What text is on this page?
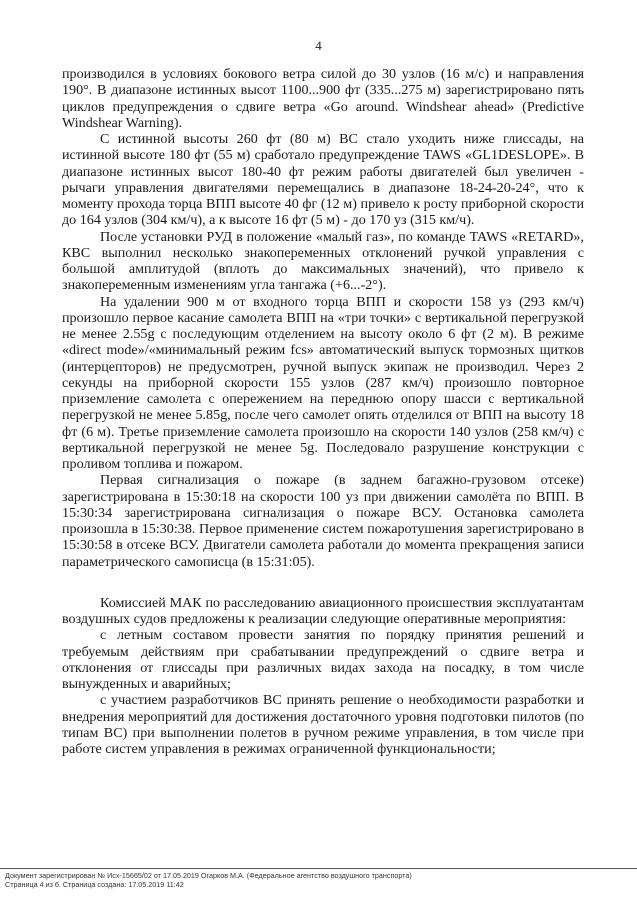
4

производился в условиях бокового ветра силой до 30 узлов (16 м/с) и направления 190°. В диапазоне истинных высот 1100...900 фт (335...275 м) зарегистрировано пять циклов предупреждения о сдвиге ветра «Go around. Windshear ahead» (Predictive Windshear Warning).

С истинной высоты 260 фт (80 м) ВС стало уходить ниже глиссады, на истинной высоте 180 фт (55 м) сработало предупреждение TAWS «GL1DESLOPE». В диапазоне истинных высот 180-40 фт режим работы двигателей был увеличен - рычаги управления двигателями перемещались в диапазоне 18-24-20-24°, что к моменту прохода торца ВПП высоте 40 фг (12 м) привело к росту приборной скорости до 164 узлов (304 км/ч), а к высоте 16 фт (5 м) - до 170 уз (315 км/ч).

После установки РУД в положение «малый газ», по команде TAWS «RETARD», КВС выполнил несколько знакопеременных отклонений ручкой управления с большой амплитудой (вплоть до максимальных значений), что привело к знакопеременным изменениям угла тангажа (+6...-2°).

На удалении 900 м от входного торца ВПП и скорости 158 уз (293 км/ч) произошло первое касание самолета ВПП на «три точки» с вертикальной перегрузкой не менее 2.55g с последующим отделением на высоту около 6 фт (2 м). В режиме «direct mode»/«минимальный режим fcs» автоматический выпуск тормозных щитков (интерцепторов) не предусмотрен, ручной выпуск экипаж не производил. Через 2 секунды на приборной скорости 155 узлов (287 км/ч) произошло повторное приземление самолета с опережением на переднюю опору шасси с вертикальной перегрузкой не менее 5.85g, после чего самолет опять отделился от ВПП на высоту 18 фт (6 м). Третье приземление самолета произошло на скорости 140 узлов (258 км/ч) с вертикальной перегрузкой не менее 5g. Последовало разрушение конструкции с проливом топлива и пожаром.

Первая сигнализация о пожаре (в заднем багажно-грузовом отсеке) зарегистрирована в 15:30:18 на скорости 100 уз при движении самолёта по ВПП. В 15:30:34 зарегистрирована сигнализация о пожаре ВСУ. Остановка самолета произошла в 15:30:38. Первое применение систем пожаротушения зарегистрировано в 15:30:58 в отсеке ВСУ. Двигатели самолета работали до момента прекращения записи параметрического самописца (в 15:31:05).

Комиссией МАК по расследованию авиационного происшествия эксплуатантам воздушных судов предложены к реализации следующие оперативные мероприятия:

с летным составом провести занятия по порядку принятия решений и требуемым действиям при срабатывании предупреждений о сдвиге ветра и отклонения от глиссады при различных видах захода на посадку, в том числе вынужденных и аварийных;

с участием разработчиков ВС принять решение о необходимости разработки и внедрения мероприятий для достижения достаточного уровня подготовки пилотов (по типам ВС) при выполнении полетов в ручном режиме управления, в том числе при работе систем управления в режимах ограниченной функциональности;

Документ зарегистрирован № Исх-15665/02 от 17.05.2019 Огарков М.А. (Федеральное агентство воздушного транспорта)
Страница 4 из 6. Страница создана: 17.05.2019 11:42
